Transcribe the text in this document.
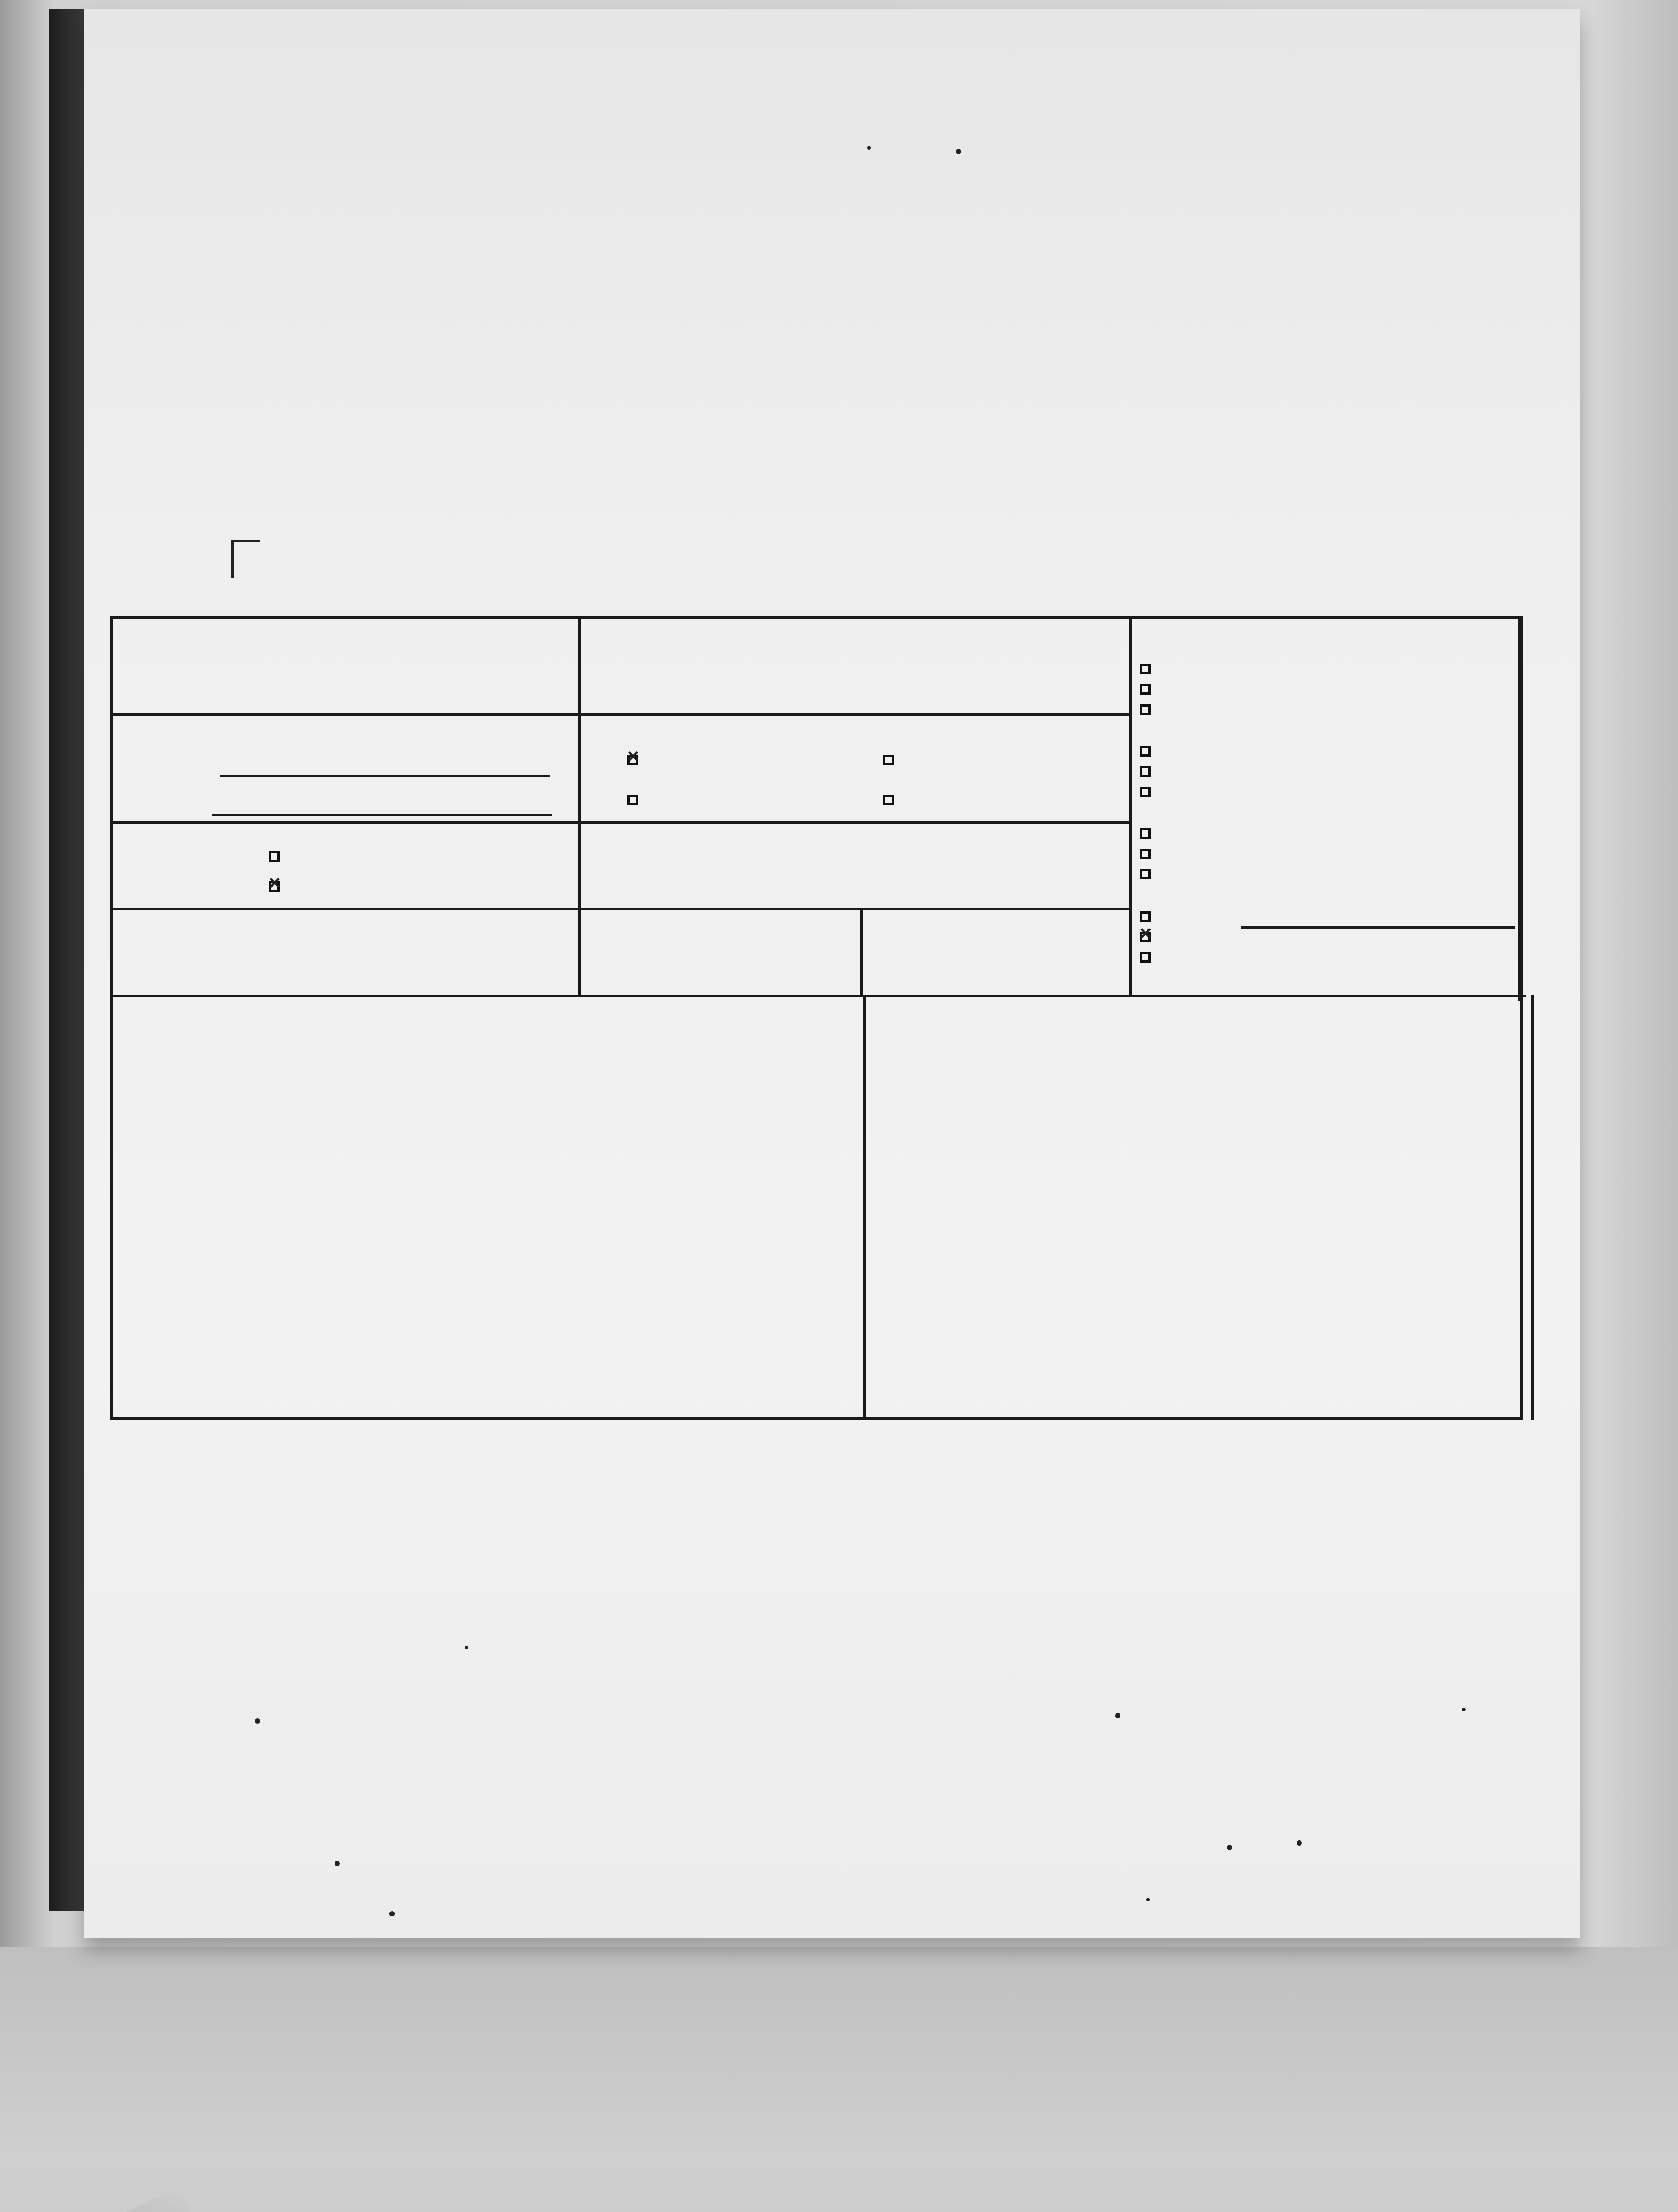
×
×
×
